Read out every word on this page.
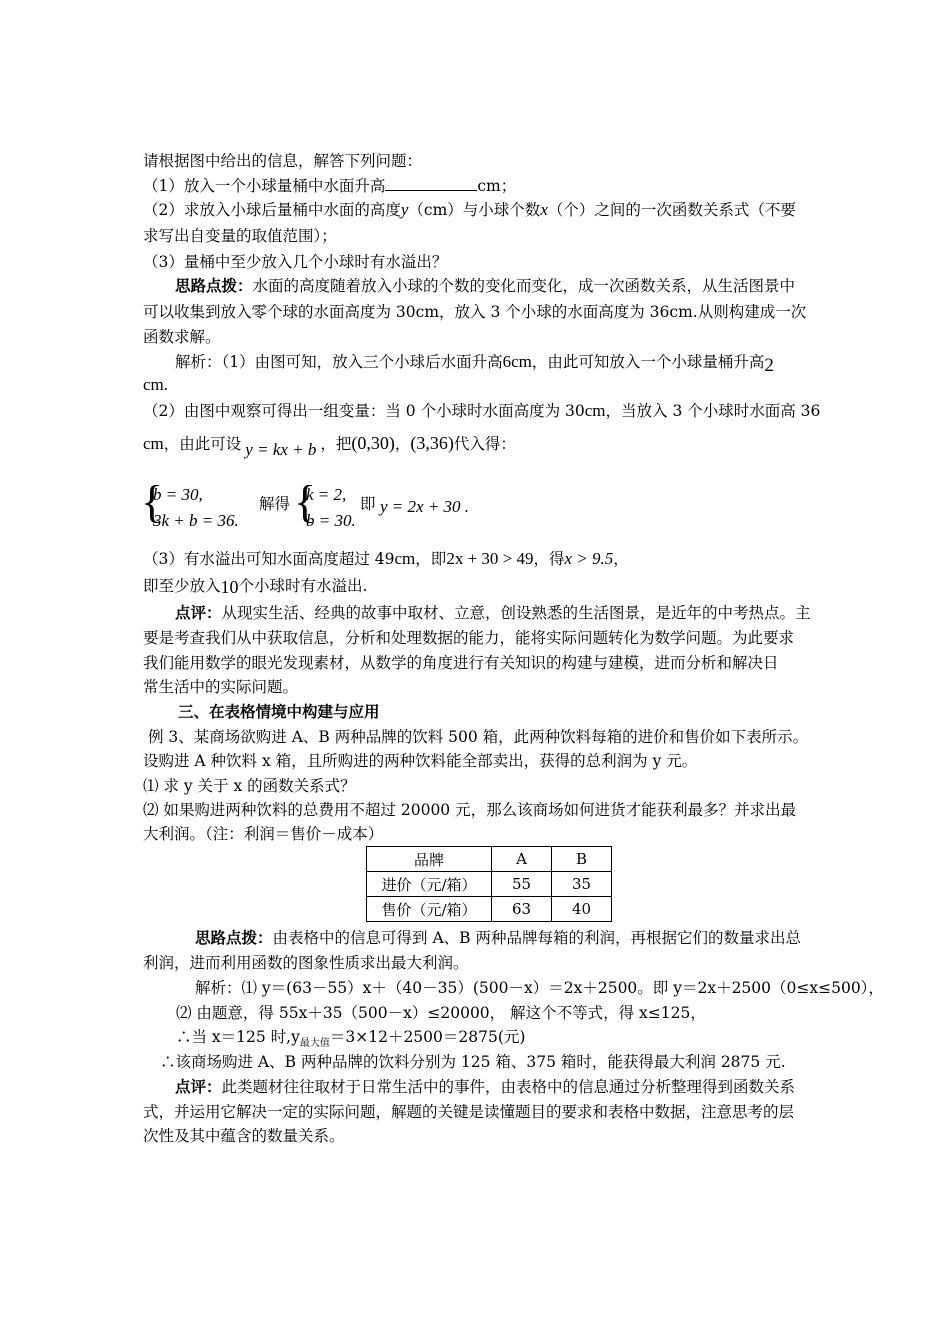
请根据图中给出的信息，解答下列问题：
（1）放入一个小球量桶中水面升高	cm；
（2）求放入小球后量桶中水面的高度y（cm）与小球个数x（个）之间的一次函数关系式（不要
求写出自变量的取值范围）；
（3）量桶中至少放入几个小球时有水溢出？
思路点拨：水面的高度随着放入小球的个数的变化而变化，成一次函数关系，从生活图景中
可以收集到放入零个球的水面高度为 30cm，放入 3 个小球的水面高度为 36cm.从则构建成一次
函数求解。
解析：（1）由图可知，放入三个小球后水面升高6cm，由此可知放入一个小球量桶升高2
cm.
（2）由图中观察可得出一组变量：当 0 个小球时水面高度为 30cm，当放入 3 个小球时水面高 36
cm，由此可设 y = kx + b ，把(0,30)，(3,36)代入得：
{
b = 30,
3k + b = 36.
解得 {
k = 2,
b = 30.
即 y = 2x + 30 .
（3）有水溢出可知水面高度超过 49cm，即2x + 30 > 49，得x > 9.5，
即至少放入10个小球时有水溢出.
点评：从现实生活、经典的故事中取材、立意，创设熟悉的生活图景，是近年的中考热点。主
要是考查我们从中获取信息，分析和处理数据的能力，能将实际问题转化为数学问题。为此要求
我们能用数学的眼光发现素材，从数学的角度进行有关知识的构建与建模，进而分析和解决日
常生活中的实际问题。
三、在表格情境中构建与应用
例 3、某商场欲购进 A、B 两种品牌的饮料 500 箱，此两种饮料每箱的进价和售价如下表所示。
设购进 A 种饮料 x 箱，且所购进的两种饮料能全部卖出，获得的总利润为 y 元。
⑴ 求 y 关于 x 的函数关系式？
⑵ 如果购进两种饮料的总费用不超过 20000 元，那么该商场如何进货才能获利最多？并求出最
大利润。（注：利润＝售价－成本）
品牌	A	B
进价（元/箱）	55	35
售价（元/箱）	63	40
思路点拨：由表格中的信息可得到 A、B 两种品牌每箱的利润，再根据它们的数量求出总
利润，进而利用函数的图象性质求出最大利润。
解析：⑴ y＝(63－55）x＋（40－35）(500－x）＝2x＋2500。即 y＝2x＋2500（0≤x≤500），
⑵ 由题意，得 55x＋35（500－x）≤20000， 解这个不等式，得 x≤125，
∴当 x＝125 时$,y_{最大值}=3\times 12+2500=2875$(元)
∴该商场购进 A、B 两种品牌的饮料分别为 125 箱、375 箱时，能获得最大利润 2875 元.
点评：此类题材往往取材于日常生活中的事件，由表格中的信息通过分析整理得到函数关系
式，并运用它解决一定的实际问题，解题的关键是读懂题目的要求和表格中数据，注意思考的层
次性及其中蕴含的数量关系。
